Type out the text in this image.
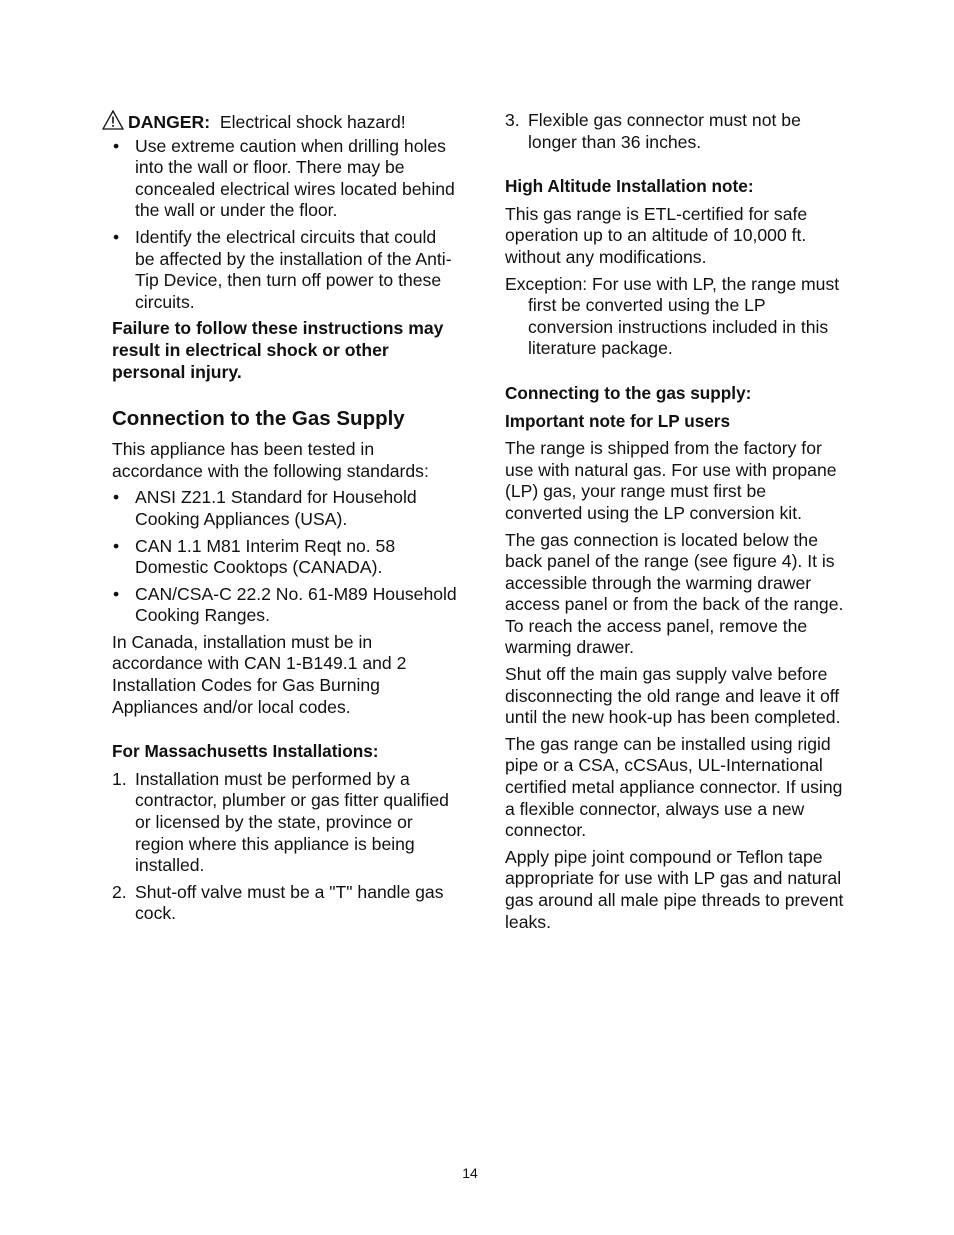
DANGER: Electrical shock hazard!
• Use extreme caution when drilling holes into the wall or floor. There may be concealed electrical wires located behind the wall or under the floor.
• Identify the electrical circuits that could be affected by the installation of the Anti-Tip Device, then turn off power to these circuits.

Failure to follow these instructions may result in electrical shock or other personal injury.

Connection to the Gas Supply

This appliance has been tested in accordance with the following standards:

• ANSI Z21.1 Standard for Household Cooking Appliances (USA).
• CAN 1.1 M81 Interim Reqt no. 58 Domestic Cooktops (CANADA).
• CAN/CSA-C 22.2 No. 61-M89 Household Cooking Ranges.

In Canada, installation must be in accordance with CAN 1-B149.1 and 2 Installation Codes for Gas Burning Appliances and/or local codes.

For Massachusetts Installations:
1. Installation must be performed by a contractor, plumber or gas fitter qualified or licensed by the state, province or region where this appliance is being installed.
2. Shut-off valve must be a "T" handle gas cock.
3. Flexible gas connector must not be longer than 36 inches.
High Altitude Installation note:

This gas range is ETL-certified for safe operation up to an altitude of 10,000 ft. without any modifications.

Exception: For use with LP, the range must first be converted using the LP conversion instructions included in this literature package.

Connecting to the gas supply:
Important note for LP users

The range is shipped from the factory for use with natural gas. For use with propane (LP) gas, your range must first be converted using the LP conversion kit.

The gas connection is located below the back panel of the range (see figure 4). It is accessible through the warming drawer access panel or from the back of the range. To reach the access panel, remove the warming drawer.

Shut off the main gas supply valve before disconnecting the old range and leave it off until the new hook-up has been completed.

The gas range can be installed using rigid pipe or a CSA, cCSAus, UL-International certified metal appliance connector. If using a flexible connector, always use a new connector.

Apply pipe joint compound or Teflon tape appropriate for use with LP gas and natural gas around all male pipe threads to prevent leaks.

14
